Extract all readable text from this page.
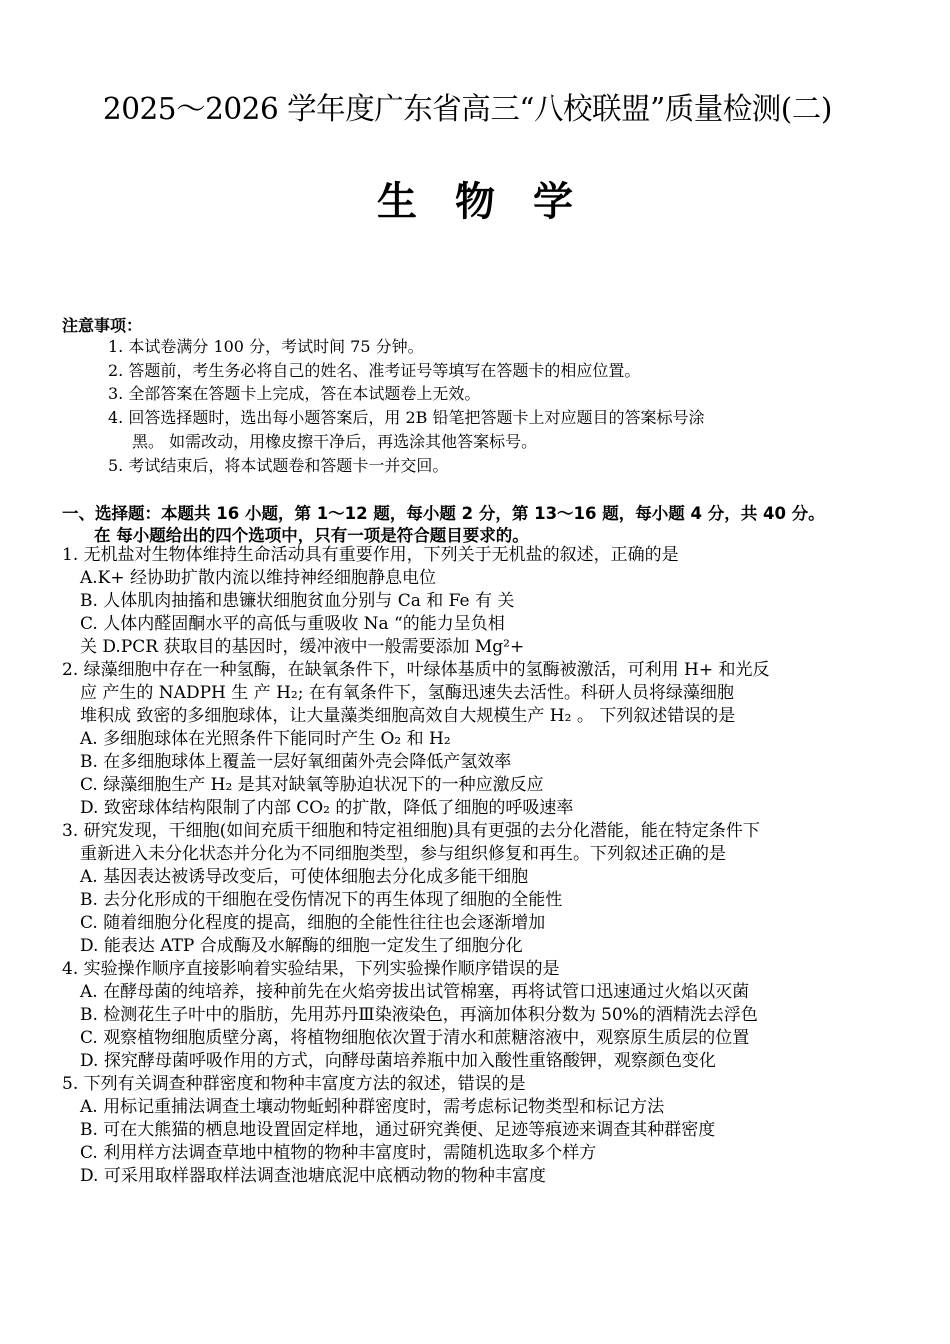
2025～2026 学年度广东省高三“八校联盟”质量检测(二)
生物学
注意事项：
1. 本试卷满分 100 分，考试时间 75 分钟。
2. 答题前，考生务必将自己的姓名、准考证号等填写在答题卡的相应位置。
3. 全部答案在答题卡上完成，答在本试题卷上无效。
4. 回答选择题时，选出每小题答案后，用 2B 铅笔把答题卡上对应题目的答案标号涂
黑。 如需改动，用橡皮擦干净后，再选涂其他答案标号。
5. 考试结束后，将本试题卷和答题卡一并交回。
一、选择题：本题共 16 小题，第 1～12 题，每小题 2 分，第 13～16 题，每小题 4 分，共 40 分。
在 每小题给出的四个选项中，只有一项是符合题目要求的。
1. 无机盐对生物体维持生命活动具有重要作用，下列关于无机盐的叙述，正确的是
A.K+ 经协助扩散内流以维持神经细胞静息电位
B. 人体肌肉抽搐和患镰状细胞贫血分别与 Ca 和 Fe 有 关
C. 人体内醛固酮水平的高低与重吸收 Na “的能力呈负相
关 D.PCR 获取目的基因时，缓冲液中一般需要添加 Mg²+
2. 绿藻细胞中存在一种氢酶，在缺氧条件下，叶绿体基质中的氢酶被激活，可利用 H+ 和光反
应 产生的 NADPH 生 产 H₂; 在有氧条件下，氢酶迅速失去活性。科研人员将绿藻细胞
堆积成 致密的多细胞球体，让大量藻类细胞高效自大规模生产 H₂ 。 下列叙述错误的是
A. 多细胞球体在光照条件下能同时产生 O₂ 和 H₂
B. 在多细胞球体上覆盖一层好氧细菌外壳会降低产氢效率
C. 绿藻细胞生产 H₂ 是其对缺氧等胁迫状况下的一种应激反应
D. 致密球体结构限制了内部 CO₂ 的扩散，降低了细胞的呼吸速率
3. 研究发现，干细胞(如间充质干细胞和特定祖细胞)具有更强的去分化潜能，能在特定条件下
重新进入未分化状态并分化为不同细胞类型，参与组织修复和再生。下列叙述正确的是
A. 基因表达被诱导改变后，可使体细胞去分化成多能干细胞
B. 去分化形成的干细胞在受伤情况下的再生体现了细胞的全能性
C. 随着细胞分化程度的提高，细胞的全能性往往也会逐渐增加
D. 能表达 ATP 合成酶及水解酶的细胞一定发生了细胞分化
4. 实验操作顺序直接影响着实验结果，下列实验操作顺序错误的是
A. 在酵母菌的纯培养，接种前先在火焰旁拔出试管棉塞，再将试管口迅速通过火焰以灭菌
B. 检测花生子叶中的脂肪，先用苏丹Ⅲ染液染色，再滴加体积分数为 50%的酒精洗去浮色
C. 观察植物细胞质壁分离，将植物细胞依次置于清水和蔗糖溶液中，观察原生质层的位置
D. 探究酵母菌呼吸作用的方式，向酵母菌培养瓶中加入酸性重铬酸钾，观察颜色变化
5. 下列有关调查种群密度和物种丰富度方法的叙述，错误的是
A. 用标记重捕法调查土壤动物蚯蚓种群密度时，需考虑标记物类型和标记方法
B. 可在大熊猫的栖息地设置固定样地，通过研究粪便、足迹等痕迹来调查其种群密度
C. 利用样方法调查草地中植物的物种丰富度时，需随机选取多个样方
D. 可采用取样器取样法调查池塘底泥中底栖动物的物种丰富度
